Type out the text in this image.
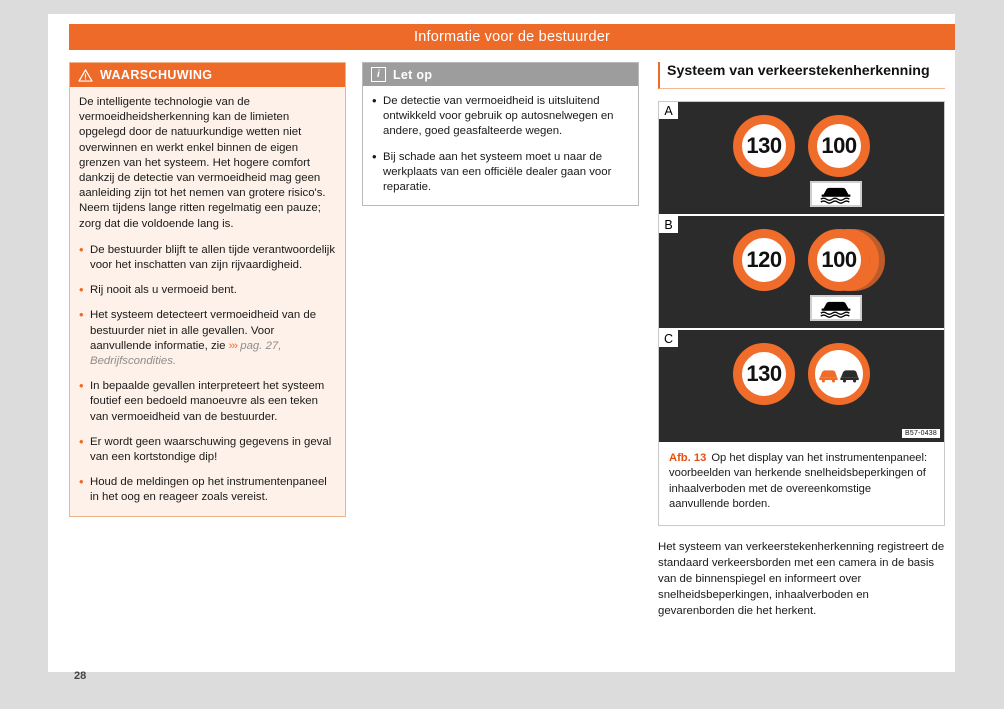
Informatie voor de bestuurder
WAARSCHUWING

De intelligente technologie van de vermoeidheidsherkenning kan de limieten opgelegd door de natuurkundige wetten niet overwinnen en werkt enkel binnen de eigen grenzen van het systeem. Het hogere comfort dankzij de detectie van vermoeidheid mag geen aanleiding zijn tot het nemen van grotere risico's. Neem tijdens lange ritten regelmatig een pauze; zorg dat die voldoende lang is.

• De bestuurder blijft te allen tijde verantwoordelijk voor het inschatten van zijn rijvaardigheid.
• Rij nooit als u vermoeid bent.
• Het systeem detecteert vermoeidheid van de bestuurder niet in alle gevallen. Voor aanvullende informatie, zie ››› pag. 27, Bedrijfscondities.
• In bepaalde gevallen interpreteert het systeem foutief een bedoeld manoeuvre als een teken van vermoeidheid van de bestuurder.
• Er wordt geen waarschuwing gegevens in geval van een kortstondige dip!
• Houd de meldingen op het instrumentenpaneel in het oog en reageer zoals vereist.
i	Let op
• De detectie van vermoeidheid is uitsluitend ontwikkeld voor gebruik op autosnelwegen en andere, goed geasfalteerde wegen.
• Bij schade aan het systeem moet u naar de werkplaats van een officiële dealer gaan voor reparatie.
Systeem van verkeerstekenherkenning
A
130	100
B
120	100
C
130
B57-0438
Afb. 13 Op het display van het instrumentenpaneel: voorbeelden van herkende snelheidsbeperkingen of inhaalverboden met de overeenkomstige aanvullende borden.
Het systeem van verkeerstekenherkenning registreert de standaard verkeersborden met een camera in de basis van de binnenspiegel en informeert over snelheidsbeperkingen, inhaalverboden en gevarenborden die het herkent.
28
